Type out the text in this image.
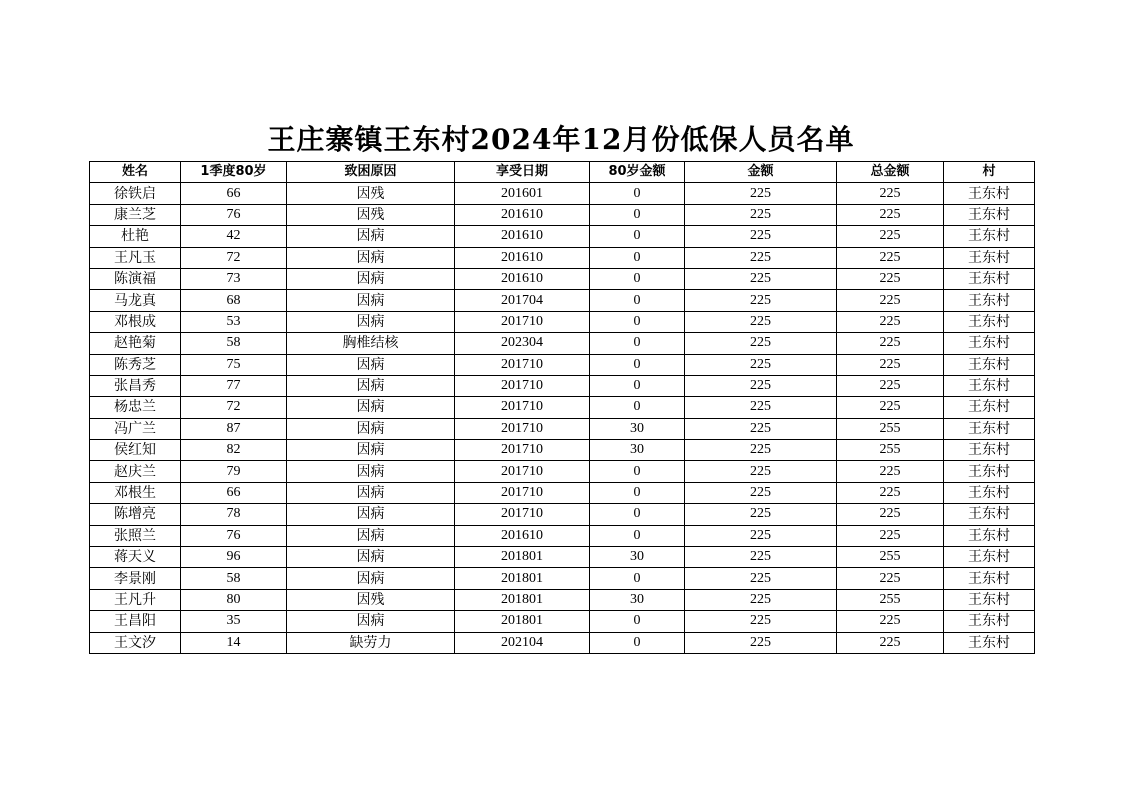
王庄寨镇王东村2024年12月份低保人员名单
姓名	1季度80岁	致困原因	享受日期	80岁金额	金额	总金额	村
徐铁启	66	因残	201601	0	225	225	王东村
康兰芝	76	因残	201610	0	225	225	王东村
杜艳	42	因病	201610	0	225	225	王东村
王凡玉	72	因病	201610	0	225	225	王东村
陈演福	73	因病	201610	0	225	225	王东村
马龙真	68	因病	201704	0	225	225	王东村
邓根成	53	因病	201710	0	225	225	王东村
赵艳菊	58	胸椎结核	202304	0	225	225	王东村
陈秀芝	75	因病	201710	0	225	225	王东村
张昌秀	77	因病	201710	0	225	225	王东村
杨忠兰	72	因病	201710	0	225	225	王东村
冯广兰	87	因病	201710	30	225	255	王东村
侯红知	82	因病	201710	30	225	255	王东村
赵庆兰	79	因病	201710	0	225	225	王东村
邓根生	66	因病	201710	0	225	225	王东村
陈增亮	78	因病	201710	0	225	225	王东村
张照兰	76	因病	201610	0	225	225	王东村
蒋天义	96	因病	201801	30	225	255	王东村
李景刚	58	因病	201801	0	225	225	王东村
王凡升	80	因残	201801	30	225	255	王东村
王昌阳	35	因病	201801	0	225	225	王东村
王文汐	14	缺劳力	202104	0	225	225	王东村
